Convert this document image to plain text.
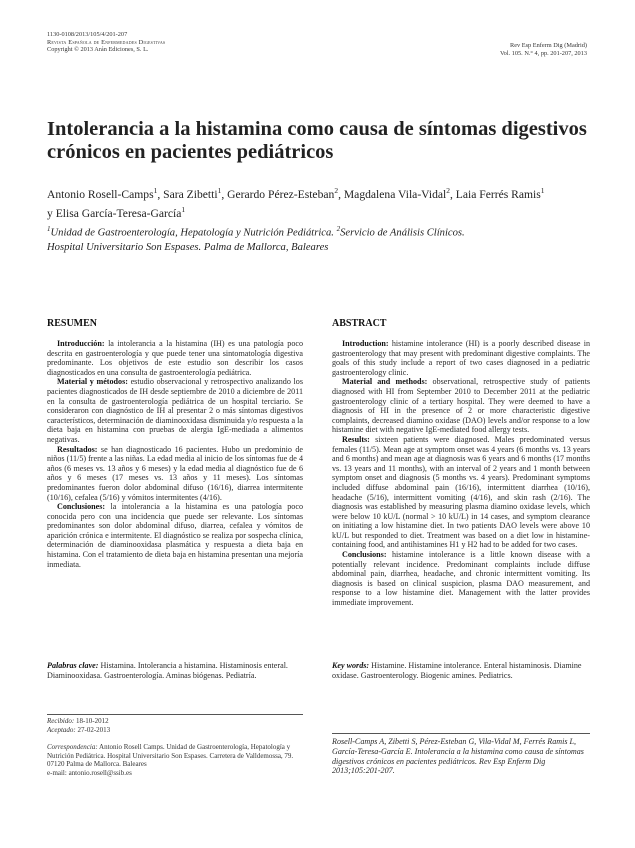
1130-0108/2013/105/4/201-207
Revista Española de Enfermedades Digestivas
Copyright © 2013 Arán Ediciones, S. L.
Rev Esp Enferm Dig (Madrid)
Vol. 105. N.° 4, pp. 201-207, 2013
Intolerancia a la histamina como causa de síntomas digestivos
crónicos en pacientes pediátricos
Antonio Rosell-Camps$^1$, Sara Zibetti$^1$, Gerardo Pérez-Esteban$^2$, Magdalena Vila-Vidal$^2$, Laia Ferrés Ramis$^1$
y Elisa García-Teresa-García$^1$
$^1$Unidad de Gastroenterología, Hepatología y Nutrición Pediátrica. $^2$Servicio de Análisis Clínicos.
Hospital Universitario Son Espases. Palma de Mallorca, Baleares
RESUMEN

Introducción: la intolerancia a la histamina (IH) es una patología poco descrita en gastroenterología y que puede tener una sintomatología digestiva predominante. Los objetivos de este estudio son describir los casos diagnosticados en una consulta de gastroenterología pediátrica.

Material y métodos: estudio observacional y retrospectivo analizando los pacientes diagnosticados de IH desde septiembre de 2010 a diciembre de 2011 en la consulta de gastroenterología pediátrica de un hospital terciario. Se consideraron con diagnóstico de IH al presentar 2 o más síntomas digestivos característicos, determinación de diaminooxidasa disminuida y/o respuesta a la dieta baja en histamina con pruebas de alergia IgE-mediada a alimentos negativas.

Resultados: se han diagnosticado 16 pacientes. Hubo un predominio de niños (11/5) frente a las niñas. La edad media al inicio de los síntomas fue de 4 años (6 meses vs. 13 años y 6 meses) y la edad media al diagnóstico fue de 6 años y 6 meses (17 meses vs. 13 años y 11 meses). Los síntomas predominantes fueron dolor abdominal difuso (16/16), diarrea intermitente (10/16), cefalea (5/16) y vómitos intermitentes (4/16).

Conclusiones: la intolerancia a la histamina es una patología poco conocida pero con una incidencia que puede ser relevante. Los síntomas predominantes son dolor abdominal difuso, diarrea, cefalea y vómitos de aparición crónica e intermitente. El diagnóstico se realiza por sospecha clínica, determinación de diaminooxidasa plasmática y respuesta a dieta baja en histamina. Con el tratamiento de dieta baja en histamina presentan una mejoría inmediata.

Palabras clave: Histamina. Intolerancia a histamina. Histaminosis enteral. Diaminooxidasa. Gastroenterología. Aminas biógenas. Pediatría.
ABSTRACT

Introduction: histamine intolerance (HI) is a poorly described disease in gastroenterology that may present with predominant digestive complaints. The goals of this study include a report of two cases diagnosed in a pediatric gastroenterology clinic.

Material and methods: observational, retrospective study of patients diagnosed with HI from September 2010 to December 2011 at the pediatric gastroenterology clinic of a tertiary hospital. They were deemed to have a diagnosis of HI in the presence of 2 or more characteristic digestive complaints, decreased diamino oxidase (DAO) levels and/or response to a low histamine diet with negative IgE-mediated food allergy tests.

Results: sixteen patients were diagnosed. Males predominated versus females (11/5). Mean age at symptom onset was 4 years (6 months vs. 13 years and 6 months) and mean age at diagnosis was 6 years and 6 months (17 months vs. 13 years and 11 months), with an interval of 2 years and 1 month between symptom onset and diagnosis (5 months vs. 4 years). Predominant symptoms included diffuse abdominal pain (16/16), intermittent diarrhea (10/16), headache (5/16), intermittent vomiting (4/16), and skin rash (2/16). The diagnosis was established by measuring plasma diamino oxidase levels, which were below 10 kU/L (normal > 10 kU/L) in 14 cases, and symptom clearance on initiating a low histamine diet. In two patients DAO levels were above 10 kU/L but responded to diet. Treatment was based on a diet low in histamine-containing food, and antihistamines H1 y H2 had to be added for two cases.

Conclusions: histamine intolerance is a little known disease with a potentially relevant incidence. Predominant complaints include diffuse abdominal pain, diarrhea, headache, and chronic intermittent vomiting. Its diagnosis is based on clinical suspicion, plasma DAO measurement, and response to a low histamine diet. Management with the latter provides immediate improvement.

Key words: Histamine. Histamine intolerance. Enteral histaminosis. Diamine oxidase. Gastroenterology. Biogenic amines. Pediatrics.
Recibido: 18-10-2012
Aceptado: 27-02-2013
Correspondencia: Antonio Rosell Camps. Unidad de Gastroenterología, Hepatología y Nutrición Pediátrica. Hospital Universitario Son Espases. Carretera de Valldemossa, 79. 07120 Palma de Mallorca. Baleares
e-mail: antonio.rosell@ssib.es
Rosell-Camps A, Zibetti S, Pérez-Esteban G, Vila-Vidal M, Ferrés Ramis L, García-Teresa-García E. Intolerancia a la histamina como causa de síntomas digestivos crónicos en pacientes pediátricos. Rev Esp Enferm Dig 2013;105:201-207.
